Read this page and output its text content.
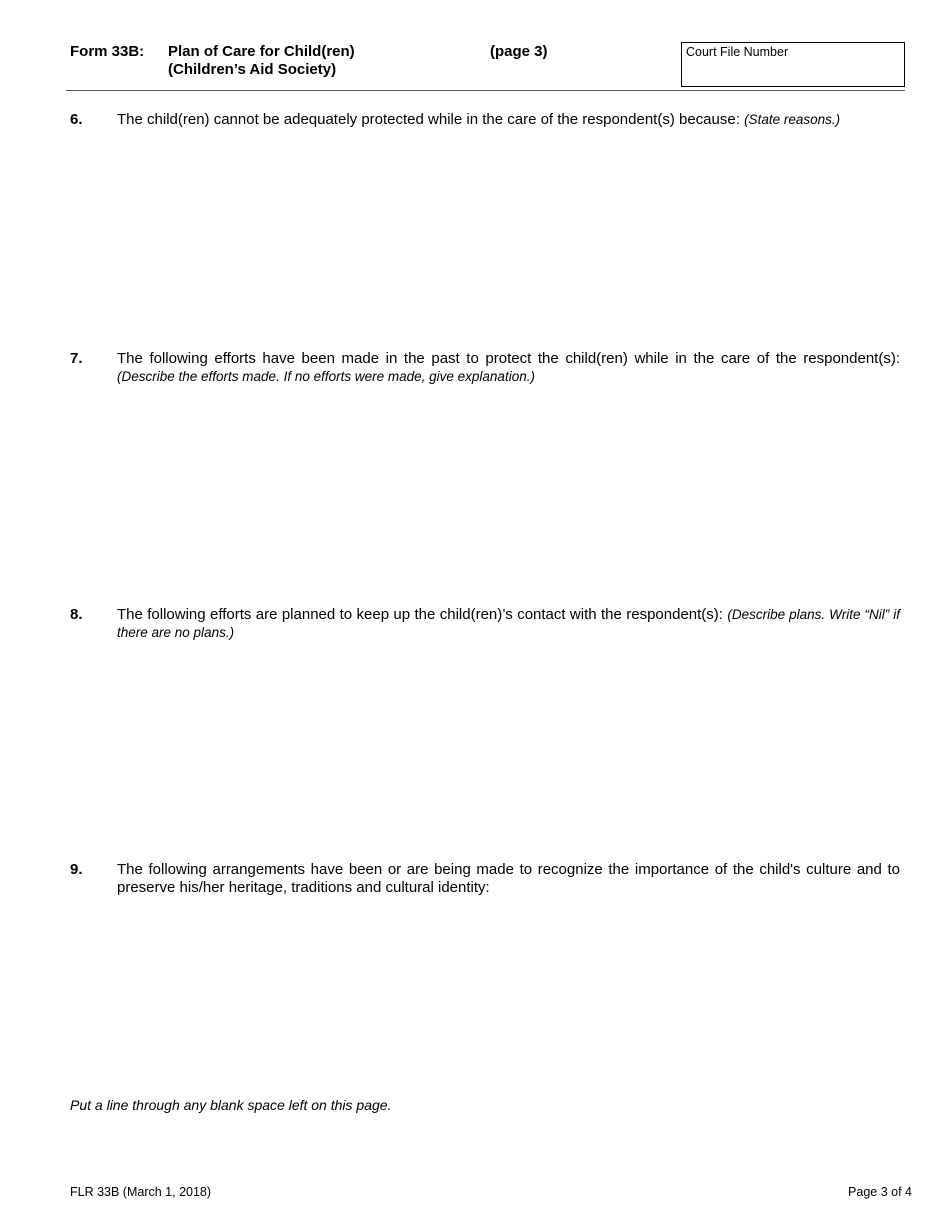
Form 33B: Plan of Care for Child(ren)
(Children’s Aid Society)
(page 3)	Court File Number
6. The child(ren) cannot be adequately protected while in the care of the respondent(s) because: (State reasons.)
7. The following efforts have been made in the past to protect the child(ren) while in the care of the respondent(s):
(Describe the efforts made. If no efforts were made, give explanation.)
8. The following efforts are planned to keep up the child(ren)’s contact with the respondent(s): (Describe plans. Write “Nil” if there are no plans.)
9. The following arrangements have been or are being made to recognize the importance of the child's culture and to preserve his/her heritage, traditions and cultural identity:
Put a line through any blank space left on this page.
FLR 33B (March 1, 2018)	Page 3 of 4
